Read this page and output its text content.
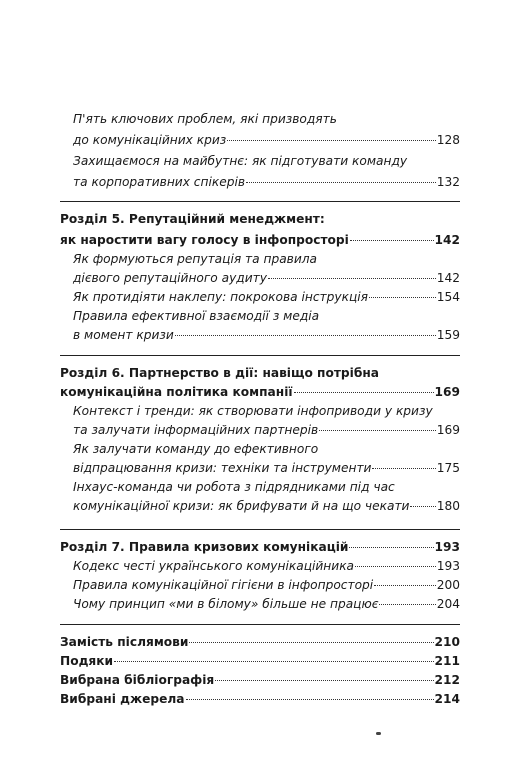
П'ять ключових проблем, які призводять
до комунікаційних криз	128
Захищаємося на майбутнє: як підготувати команду
та корпоративних спікерів	132
Розділ 5. Репутаційний менеджмент:
як наростити вагу голосу в інфопросторі	142
Як формуються репутація та правила
дієвого репутаційного аудиту	142
Як протидіяти наклепу: покрокова інструкція	154
Правила ефективної взаємодії з медіа
в момент кризи	159
Розділ 6. Партнерство в дії: навіщо потрібна
комунікаційна політика компанії	169
Контекст і тренди: як створювати інфоприводи у кризу
та залучати інформаційних партнерів	169
Як залучати команду до ефективного
відпрацювання кризи: техніки та інструменти	175
Інхаус-команда чи робота з підрядниками під час
комунікаційної кризи: як брифувати й на що чекати 180
Розділ 7. Правила кризових комунікацій	193
Кодекс честі українського комунікаційника	193
Правила комунікаційної гігієни в інфопросторі	200
Чому принцип «ми в білому» більше не працює	204
Замість післямови	210
Подяки	211
Вибрана бібліографія	212
Вибрані джерела	214
